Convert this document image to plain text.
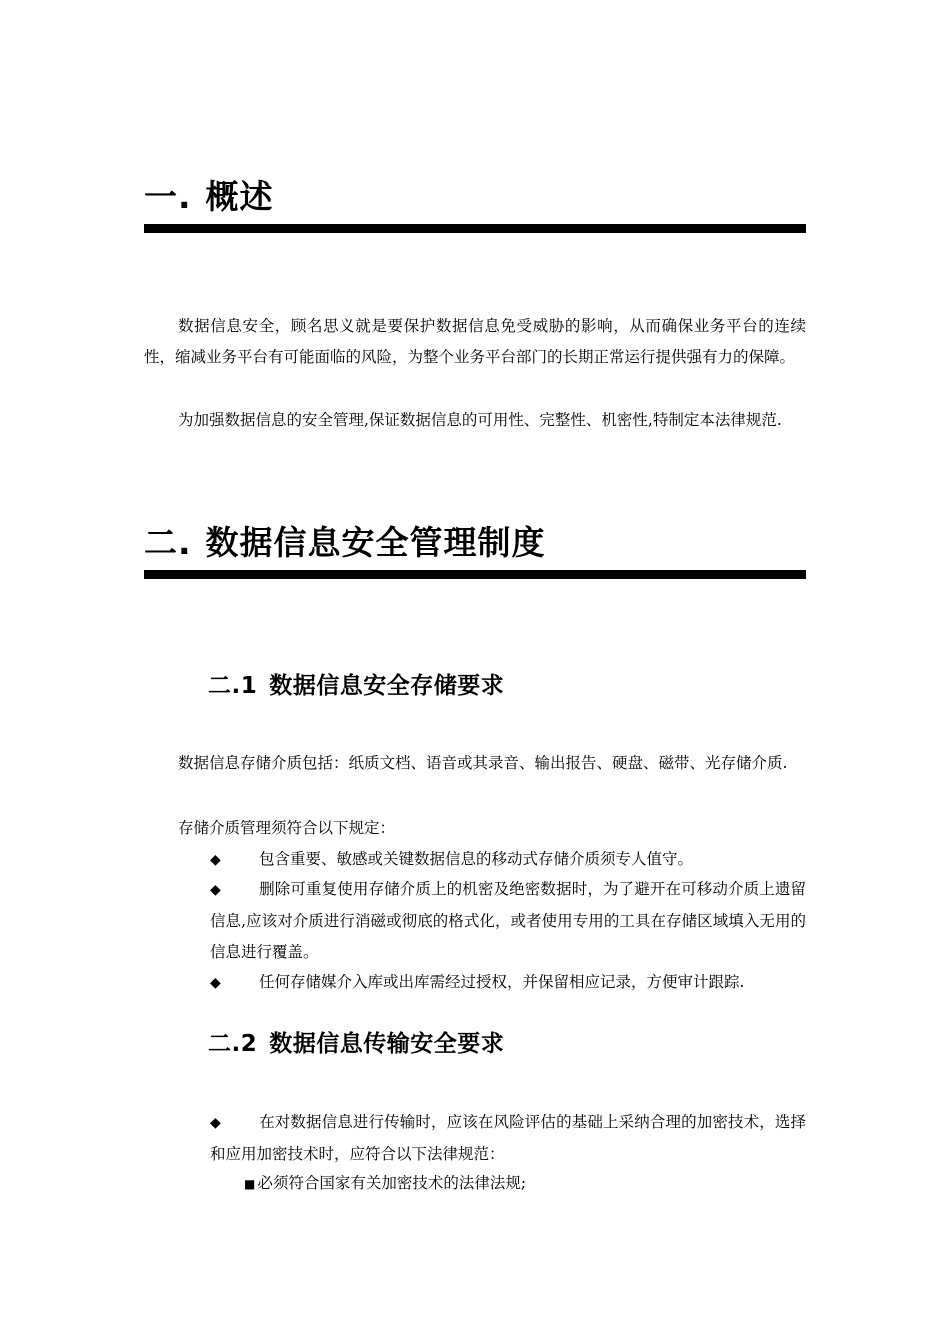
一. 概述
数据信息安全，顾名思义就是要保护数据信息免受威胁的影响，从而确保业务平台的连续性，缩减业务平台有可能面临的风险，为整个业务平台部门的长期正常运行提供强有力的保障。
为加强数据信息的安全管理,保证数据信息的可用性、完整性、机密性,特制定本法律规范.
二. 数据信息安全管理制度
二.1 数据信息安全存储要求
数据信息存储介质包括：纸质文档、语音或其录音、输出报告、硬盘、磁带、光存储介质.
存储介质管理须符合以下规定：
◆ 包含重要、敏感或关键数据信息的移动式存储介质须专人值守。
◆ 删除可重复使用存储介质上的机密及绝密数据时，为了避开在可移动介质上遗留信息,应该对介质进行消磁或彻底的格式化，或者使用专用的工具在存储区域填入无用的信息进行覆盖。
◆ 任何存储媒介入库或出库需经过授权，并保留相应记录，方便审计跟踪.
二.2 数据信息传输安全要求
◆ 在对数据信息进行传输时，应该在风险评估的基础上采纳合理的加密技术，选择和应用加密技术时，应符合以下法律规范：
■ 必须符合国家有关加密技术的法律法规;
